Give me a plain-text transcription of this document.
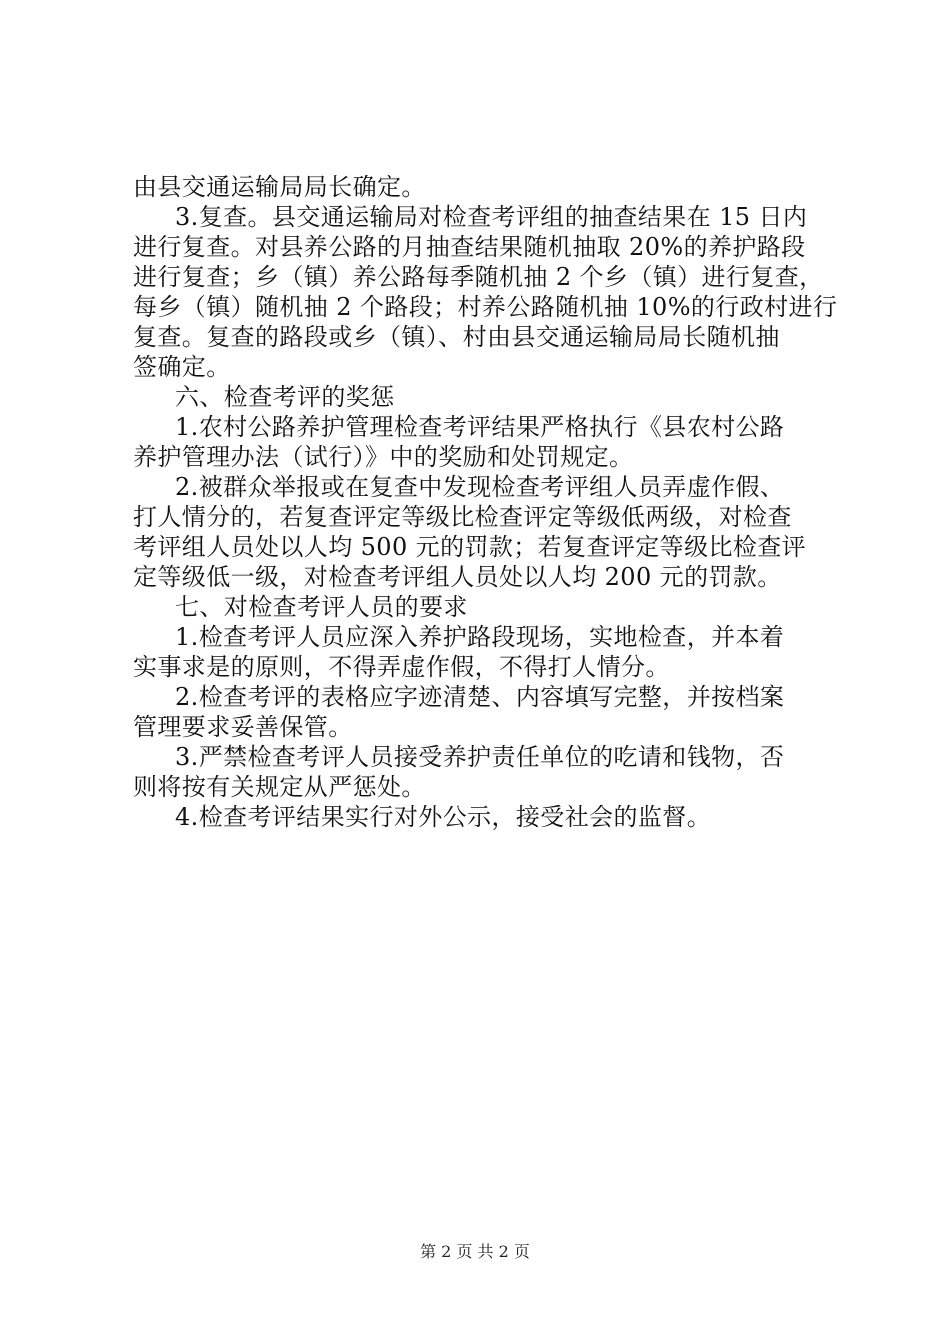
由县交通运输局局长确定。

3.复查。县交通运输局对检查考评组的抽查结果在 15 日内

进行复查。对县养公路的月抽查结果随机抽取 20%的养护路段

进行复查；乡（镇）养公路每季随机抽 2 个乡（镇）进行复查，

每乡（镇）随机抽 2 个路段；村养公路随机抽 10%的行政村进行

复查。复查的路段或乡（镇）、村由县交通运输局局长随机抽

签确定。

六、检查考评的奖惩

1.农村公路养护管理检查考评结果严格执行《县农村公路

养护管理办法（试行）》中的奖励和处罚规定。

2.被群众举报或在复查中发现检查考评组人员弄虚作假、

打人情分的，若复查评定等级比检查评定等级低两级，对检查

考评组人员处以人均 500 元的罚款；若复查评定等级比检查评

定等级低一级，对检查考评组人员处以人均 200 元的罚款。

七、对检查考评人员的要求

1.检查考评人员应深入养护路段现场，实地检查，并本着

实事求是的原则，不得弄虚作假，不得打人情分。

2.检查考评的表格应字迹清楚、内容填写完整，并按档案

管理要求妥善保管。

3.严禁检查考评人员接受养护责任单位的吃请和钱物，否

则将按有关规定从严惩处。

4.检查考评结果实行对外公示，接受社会的监督。

第 2 页 共 2 页
